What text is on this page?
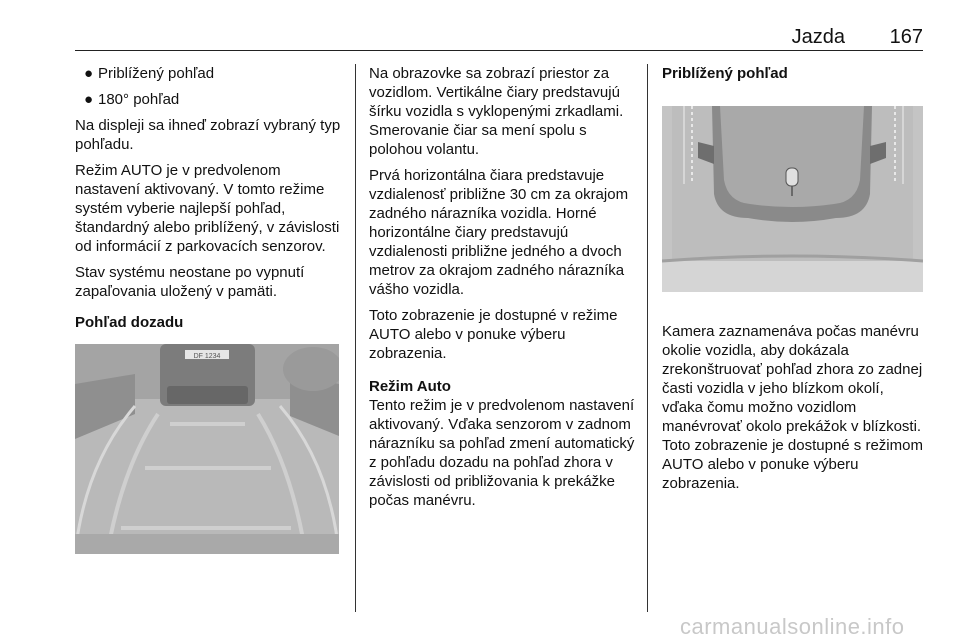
Jazda 167
● Priblížený pohľad
● 180° pohľad

Na displeji sa ihneď zobrazí vybraný typ pohľadu.

Režim AUTO je v predvolenom nastavení aktivovaný. V tomto režime systém vyberie najlepší pohľad, štandardný alebo priblížený, v závislosti od informácií z parkovacích senzorov.

Stav systému neostane po vypnutí zapaľovania uložený v pamäti.

Pohľad dozadu
DF 1234

Na obrazovke sa zobrazí priestor za vozidlom. Vertikálne čiary predstavujú šírku vozidla s vyklopenými zrkadlami. Smerovanie čiar sa mení spolu s polohou volantu.

Prvá horizontálna čiara predstavuje vzdialenosť približne 30 cm za okrajom zadného nárazníka vozidla. Horné horizontálne čiary predstavujú vzdialenosti približne jedného a dvoch metrov za okrajom zadného nárazníka vášho vozidla.

Toto zobrazenie je dostupné v režime AUTO alebo v ponuke výberu zobrazenia.

Režim Auto

Tento režim je v predvolenom nastavení aktivovaný. Vďaka senzorom v zadnom nárazníku sa pohľad zmení automatický z pohľadu dozadu na pohľad zhora v závislosti od približovania k prekážke počas manévru.

Priblížený pohľad

Kamera zaznamenáva počas manévru okolie vozidla, aby dokázala zrekonštruovať pohľad zhora zo zadnej časti vozidla v jeho blízkom okolí, vďaka čomu možno vozidlom manévrovať okolo prekážok v blízkosti. Toto zobrazenie je dostupné s režimom AUTO alebo v ponuke výberu zobrazenia.

carmanualsonline.info
